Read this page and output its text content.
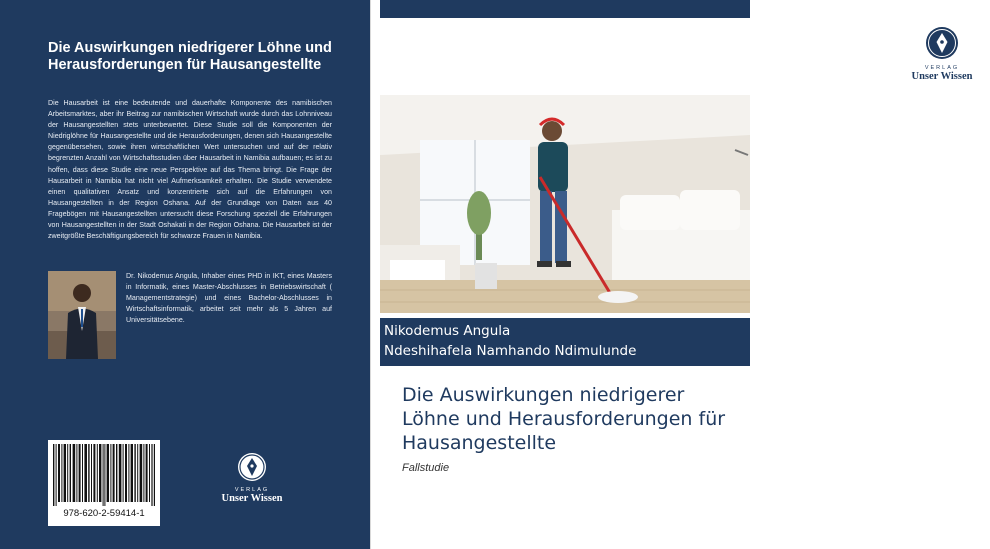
Die Auswirkungen niedrigerer Löhne und Herausforderungen für Hausangestellte
Die Hausarbeit ist eine bedeutende und dauerhafte Komponente des namibischen Arbeitsmarktes, aber ihr Beitrag zur namibischen Wirtschaft wurde durch das Lohnniveau der Hausangestellten stets unterbewertet. Diese Studie soll die Komponenten der Niedriglöhne für Hausangestellte und die Herausforderungen, denen sich Hausangestellte gegenübersehen, sowie ihren wirtschaftlichen Wert untersuchen und auf der relativ begrenzten Anzahl von Wirtschaftsstudien über Hausarbeit in Namibia aufbauen; es ist zu hoffen, dass diese Studie eine neue Perspektive auf das Thema bringt. Die Frage der Hausarbeit in Namibia hat nicht viel Aufmerksamkeit erhalten. Die Studie verwendete einen qualitativen Ansatz und konzentrierte sich auf die Erfahrungen von Hausangestellten in der Region Oshana. Auf der Grundlage von Daten aus 40 Fragebögen mit Hausangestellten untersucht diese Forschung speziell die Erfahrungen von Hausangestellten in der Stadt Oshakati in der Region Oshana. Die Hausarbeit ist der zweitgrößte Beschäftigungsbereich für schwarze Frauen in Namibia.
Dr. Nikodemus Angula, Inhaber eines PHD in IKT, eines Masters in Informatik, eines Master-Abschlusses in Betriebswirtschaft ( Managementstrategie) und eines Bachelor-Abschlusses in Wirtschaftsinformatik, arbeitet seit mehr als 5 Jahren auf Universitätsebene.
978-620-2-59414-1
VERLAG
Unser Wissen
VERLAG
Unser Wissen
Nikodemus Angula
Ndeshihafela Namhando Ndimulunde
Die Auswirkungen niedrigerer Löhne und Herausforderungen für Hausangestellte
Fallstudie
